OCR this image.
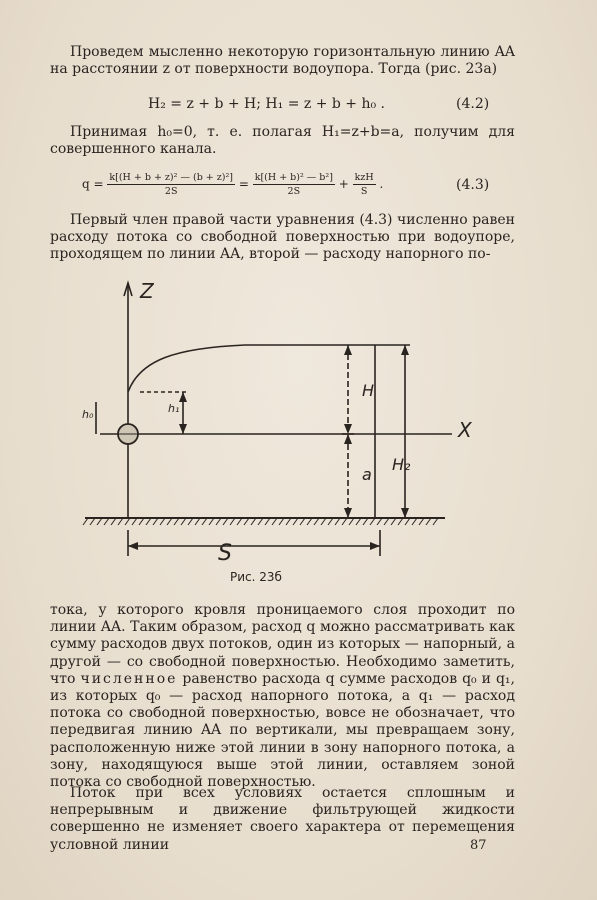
Проведем мысленно некоторую горизонтальную линию AA на расстоянии z от поверхности водоупора. Тогда (рис. 23а)
H₂ = z + b + H; H₁ = z + b + h₀ .	(4.2)
Принимая h₀=0, т. е. полагая H₁=z+b=a, получим для совершенного канала.
$q = \frac{\text{k[(H + b + z)² — (b + z)²]}}{2S} = \frac{\text{k[(H + b)² — b²]}}{2S} + \frac{\text{kzH}}{S}$ .	(4.3)
Первый член правой части уравнения (4.3) численно равен расходу потока со свободной поверхностью при водоупоре, проходящем по линии AA, второй — расходу напорного по-
Z
X
h₀	h₁
H
a
H₂
S
Рис. 23б
тока, у которого кровля проницаемого слоя проходит по линии AA. Таким образом, расход q можно рассматривать как сумму расходов двух потоков, один из которых — напорный, а другой — со свободной поверхностью. Необходимо заметить, что численное равенство расхода q сумме расходов q₀ и q₁, из которых q₀ — расход напорного потока, а q₁ — расход потока со свободной поверхностью, вовсе не обозначает, что передвигая линию AA по вертикали, мы превращаем зону, расположенную ниже этой линии в зону напорного потока, а зону, находящуюся выше этой линии, оставляем зоной потока со свободной поверхностью.
Поток при всех условиях остается сплошным и непрерывным и движение фильтрующей жидкости совершенно не изменяет своего характера от перемещения условной линии	87
